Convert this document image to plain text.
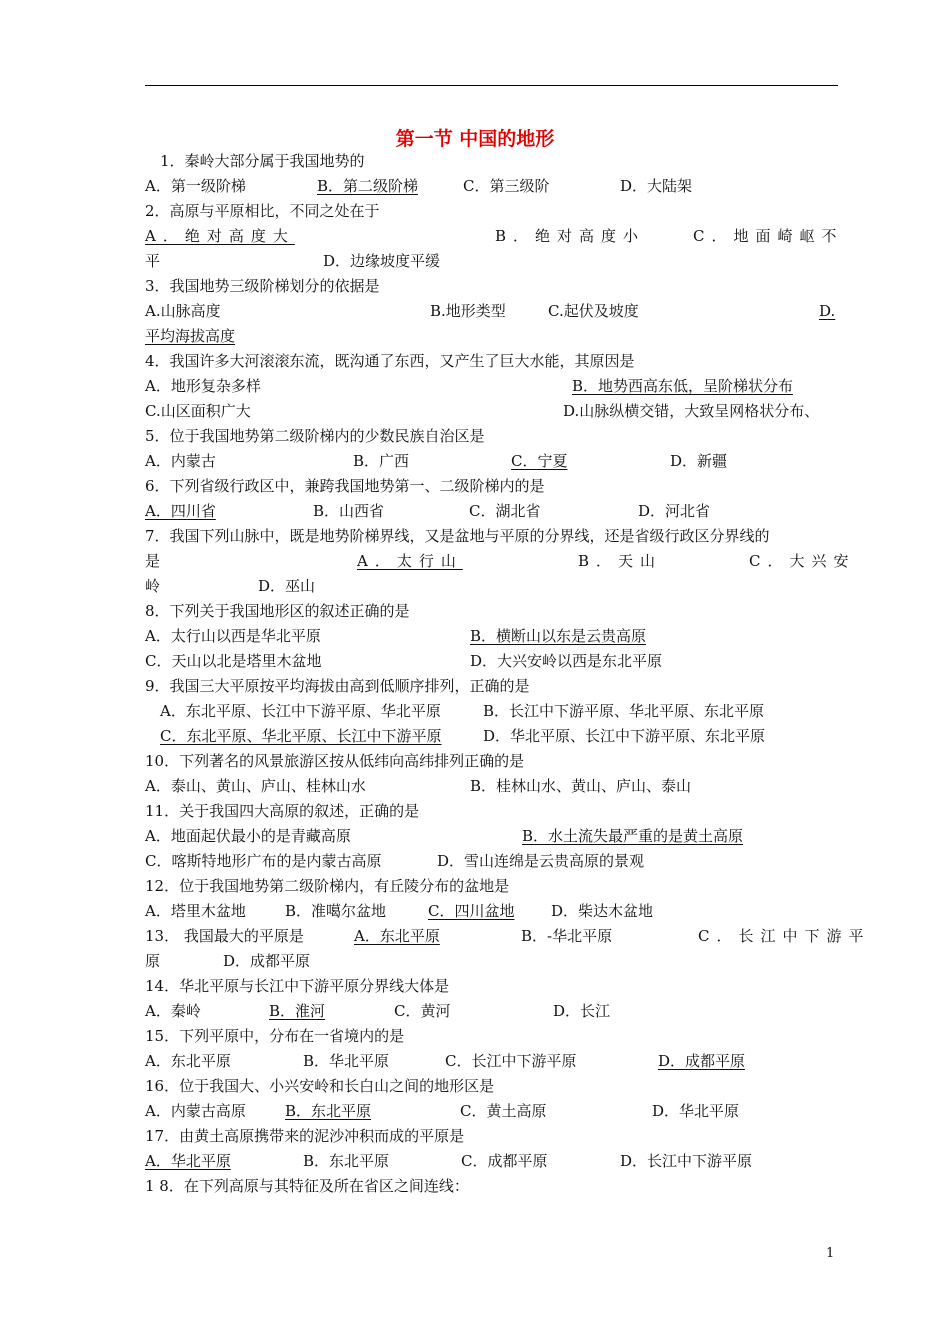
第一节 中国的地形
1．秦岭大部分属于我国地势的
A．第一级阶梯	B．第二级阶梯	C．第三级阶	D．大陆架
2．高原与平原相比，不同之处在于
A．绝对高度大	B．绝对高度小	C．地面崎岖不
平	D．边缘坡度平缓
3．我国地势三级阶梯划分的依据是
A.山脉高度	B.地形类型	C.起伏及坡度	D.
平均海拔高度
4．我国许多大河滚滚东流，既沟通了东西，又产生了巨大水能，其原因是
A．地形复杂多样	B．地势西高东低，呈阶梯状分布
C.山区面积广大	D.山脉纵横交错，大致呈网格状分布、
5．位于我国地势第二级阶梯内的少数民族自治区是
A．内蒙古	B．广西	C．宁夏	D．新疆
6．下列省级行政区中，兼跨我国地势第一、二级阶梯内的是
A．四川省	B．山西省	C．湖北省	D．河北省
7．我国下列山脉中，既是地势阶梯界线，又是盆地与平原的分界线，还是省级行政区分界线的
是	A．太行山	B．天山	C．大兴安
岭	D．巫山
8．下列关于我国地形区的叙述正确的是
A．太行山以西是华北平原	B．横断山以东是云贵高原
C．天山以北是塔里木盆地	D．大兴安岭以西是东北平原
9．我国三大平原按平均海拔由高到低顺序排列，正确的是
A．东北平原、长江中下游平原、华北平原	B．长江中下游平原、华北平原、东北平原
C．东北平原、华北平原、长江中下游平原	D．华北平原、长江中下游平原、东北平原
10．下列著名的风景旅游区按从低纬向高纬排列正确的是
A．泰山、黄山、庐山、桂林山水	B．桂林山水、黄山、庐山、泰山
11．关于我国四大高原的叙述，正确的是
A．地面起伏最小的是青藏高原	B．水土流失最严重的是黄土高原
C．喀斯特地形广布的是内蒙古高原	D．雪山连绵是云贵高原的景观
12．位于我国地势第二级阶梯内，有丘陵分布的盆地是
A．塔里木盆地	B．准噶尔盆地	C．四川盆地 D．柴达木盆地
13． 我国最大的平原是	A．东北平原	B．-华北平原	C．长江中下游平
原	D．成都平原
14．华北平原与长江中下游平原分界线大体是
A．秦岭	B．淮河	C．黄河	D．长江
15．下列平原中，分布在一省境内的是
A．东北平原	B．华北平原	C．长江中下游平原	D．成都平原
16．位于我国大、小兴安岭和长白山之间的地形区是
A．内蒙古高原	B．东北平原	C．黄土高原	D．华北平原
17．由黄土高原携带来的泥沙冲积而成的平原是
A．华北平原	B．东北平原	C．成都平原	D．长江中下游平原
1 8．在下列高原与其特征及所在省区之间连线：
1
